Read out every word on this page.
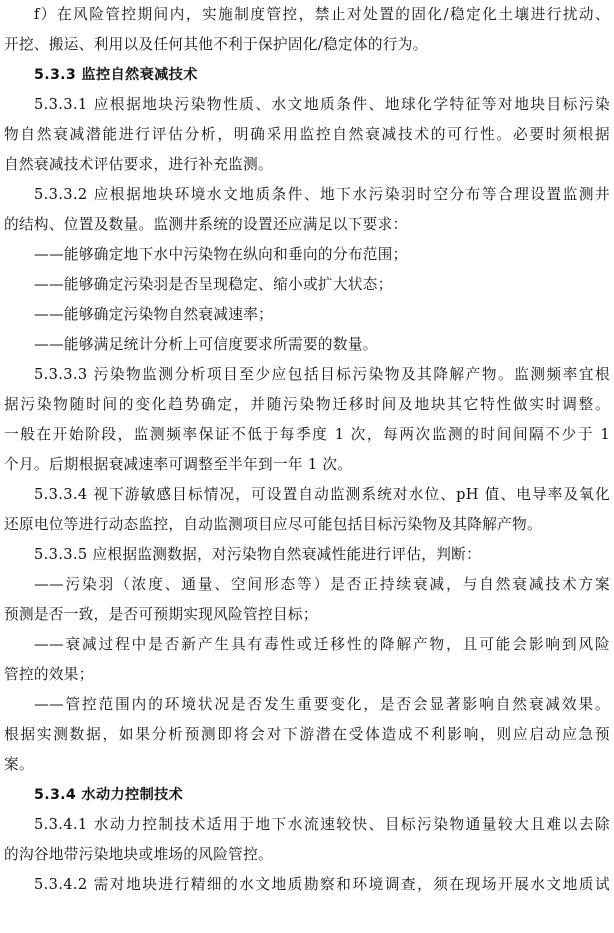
f）在风险管控期间内，实施制度管控，禁止对处置的固化/稳定化土壤进行扰动、
开挖、搬运、利用以及任何其他不利于保护固化/稳定体的行为。
5.3.3 监控自然衰减技术
5.3.3.1 应根据地块污染物性质、水文地质条件、地球化学特征等对地块目标污染
物自然衰减潜能进行评估分析，明确采用监控自然衰减技术的可行性。必要时须根据
自然衰减技术评估要求，进行补充监测。
5.3.3.2 应根据地块环境水文地质条件、地下水污染羽时空分布等合理设置监测井
的结构、位置及数量。监测井系统的设置还应满足以下要求：
——能够确定地下水中污染物在纵向和垂向的分布范围；
——能够确定污染羽是否呈现稳定、缩小或扩大状态；
——能够确定污染物自然衰减速率；
——能够满足统计分析上可信度要求所需要的数量。
5.3.3.3 污染物监测分析项目至少应包括目标污染物及其降解产物。监测频率宜根
据污染物随时间的变化趋势确定，并随污染物迁移时间及地块其它特性做实时调整。
一般在开始阶段，监测频率保证不低于每季度 1 次，每两次监测的时间间隔不少于 1
个月。后期根据衰减速率可调整至半年到一年 1 次。
5.3.3.4 视下游敏感目标情况，可设置自动监测系统对水位、pH 值、电导率及氧化
还原电位等进行动态监控，自动监测项目应尽可能包括目标污染物及其降解产物。
5.3.3.5 应根据监测数据，对污染物自然衰减性能进行评估，判断：
——污染羽（浓度、通量、空间形态等）是否正持续衰减，与自然衰减技术方案
预测是否一致，是否可预期实现风险管控目标；
——衰减过程中是否新产生具有毒性或迁移性的降解产物，且可能会影响到风险
管控的效果；
——管控范围内的环境状况是否发生重要变化，是否会显著影响自然衰减效果。
根据实测数据，如果分析预测即将会对下游潜在受体造成不利影响，则应启动应急预
案。
5.3.4 水动力控制技术
5.3.4.1 水动力控制技术适用于地下水流速较快、目标污染物通量较大且难以去除
的沟谷地带污染地块或堆场的风险管控。
5.3.4.2 需对地块进行精细的水文地质勘察和环境调查，须在现场开展水文地质试
